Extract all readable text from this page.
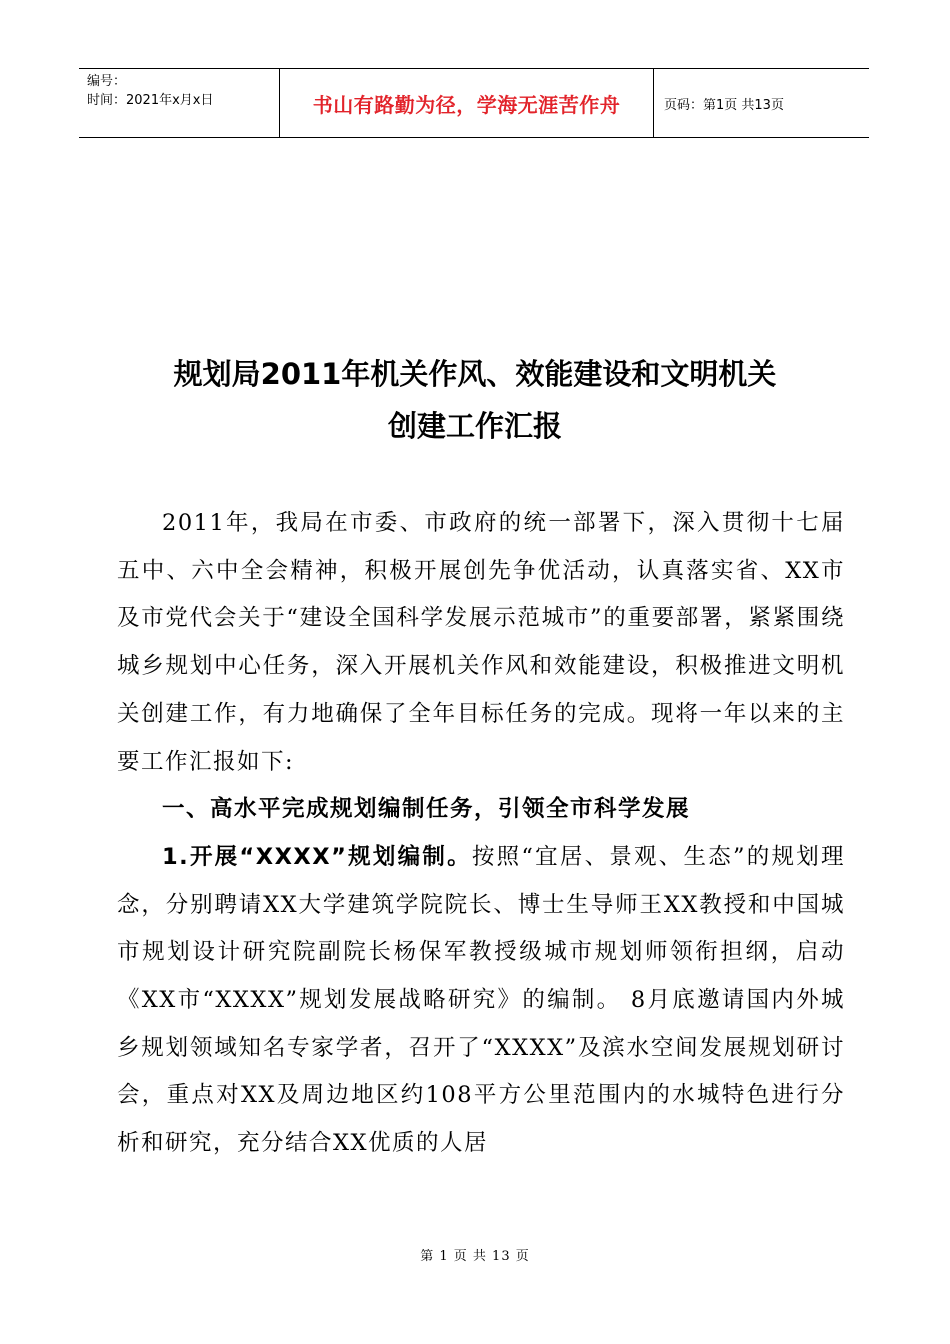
编号：
时间：2021年x月x日	书山有路勤为径，学海无涯苦作舟	页码：第1页 共13页
规划局2011年机关作风、效能建设和文明机关
创建工作汇报

2011年，我局在市委、市政府的统一部署下，深入贯彻十七届五中、六中全会精神，积极开展创先争优活动，认真落实省、XX市及市党代会关于“建设全国科学发展示范城市”的重要部署，紧紧围绕城乡规划中心任务，深入开展机关作风和效能建设，积极推进文明机关创建工作，有力地确保了全年目标任务的完成。现将一年以来的主要工作汇报如下:

一、高水平完成规划编制任务，引领全市科学发展

1.开展“XXXX”规划编制。按照“宜居、景观、生态”的规划理念，分别聘请XX大学建筑学院院长、博士生导师王XX教授和中国城市规划设计研究院副院长杨保军教授级城市规划师领衔担纲，启动《XX市“XXXX”规划发展战略研究》的编制。 8月底邀请国内外城乡规划领域知名专家学者，召开了“XXXX”及滨水空间发展规划研讨会，重点对XX及周边地区约108平方公里范围内的水城特色进行分析和研究，充分结合XX优质的人居

第 1 页 共 13 页
